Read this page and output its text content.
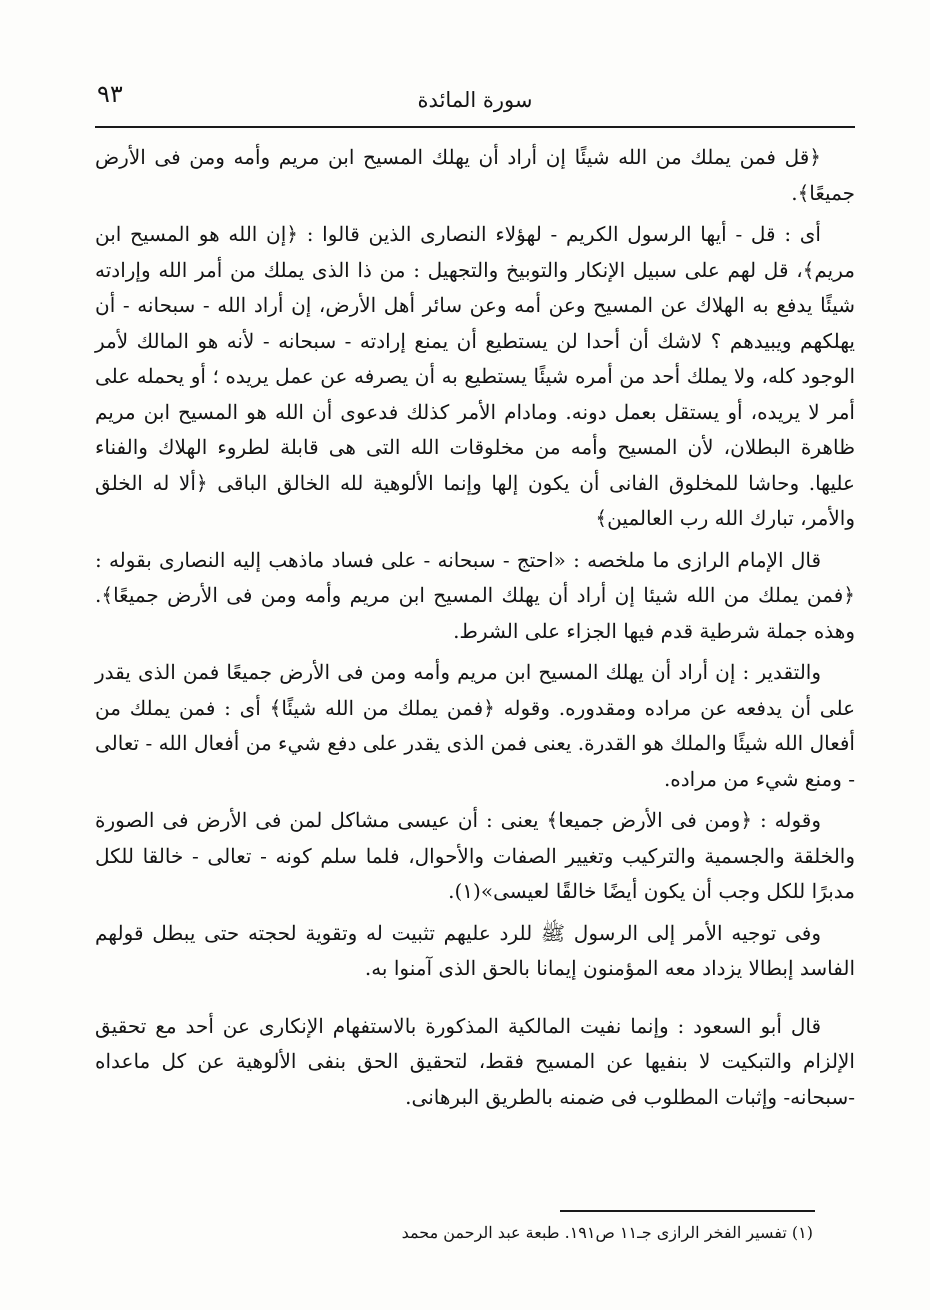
٩٣	سورة المائدة

﴿قل فمن يملك من الله شيئًا إن أراد أن يهلك المسيح ابن مريم وأمه ومن فى الأرض جميعًا﴾.

أى : قل - أيها الرسول الكريم - لهؤلاء النصارى الذين قالوا : ﴿إن الله هو المسيح ابن مريم﴾، قل لهم على سبيل الإنكار والتوبيخ والتجهيل : من ذا الذى يملك من أمر الله وإرادته شيئًا يدفع به الهلاك عن المسيح وعن أمه وعن سائر أهل الأرض، إن أراد الله - سبحانه - أن يهلكهم ويبيدهم ؟ لاشك أن أحدا لن يستطيع أن يمنع إرادته - سبحانه - لأنه هو المالك لأمر الوجود كله، ولا يملك أحد من أمره شيئًا يستطيع به أن يصرفه عن عمل يريده ؛ أو يحمله على أمر لا يريده، أو يستقل بعمل دونه. ومادام الأمر كذلك فدعوى أن الله هو المسيح ابن مريم ظاهرة البطلان، لأن المسيح وأمه من مخلوقات الله التى هى قابلة لطروء الهلاك والفناء عليها. وحاشا للمخلوق الفانى أن يكون إلها وإنما الألوهية لله الخالق الباقى ﴿ألا له الخلق والأمر، تبارك الله رب العالمين﴾

قال الإمام الرازى ما ملخصه : «احتج - سبحانه - على فساد ماذهب إليه النصارى بقوله : ﴿فمن يملك من الله شيئا إن أراد أن يهلك المسيح ابن مريم وأمه ومن فى الأرض جميعًا﴾. وهذه جملة شرطية قدم فيها الجزاء على الشرط.

والتقدير : إن أراد أن يهلك المسيح ابن مريم وأمه ومن فى الأرض جميعًا فمن الذى يقدر على أن يدفعه عن مراده ومقدوره. وقوله ﴿فمن يملك من الله شيئًا﴾ أى : فمن يملك من أفعال الله شيئًا والملك هو القدرة. يعنى فمن الذى يقدر على دفع شيء من أفعال الله - تعالى - ومنع شيء من مراده.

وقوله : ﴿ومن فى الأرض جميعا﴾ يعنى : أن عيسى مشاكل لمن فى الأرض فى الصورة والخلقة والجسمية والتركيب وتغيير الصفات والأحوال، فلما سلم كونه - تعالى - خالقا للكل مدبرًا للكل وجب أن يكون أيضًا خالقًا لعيسى»(١).

وفى توجيه الأمر إلى الرسول ﷺ للرد عليهم تثبيت له وتقوية لحجته حتى يبطل قولهم الفاسد إبطالا يزداد معه المؤمنون إيمانا بالحق الذى آمنوا به.

قال أبو السعود : وإنما نفيت المالكية المذكورة بالاستفهام الإنكارى عن أحد مع تحقيق الإلزام والتبكيت لا بنفيها عن المسيح فقط، لتحقيق الحق بنفى الألوهية عن كل ماعداه -سبحانه- وإثبات المطلوب فى ضمنه بالطريق البرهانى.

(١) تفسير الفخر الرازى جـ١١ ص١٩١. طبعة عبد الرحمن محمد
